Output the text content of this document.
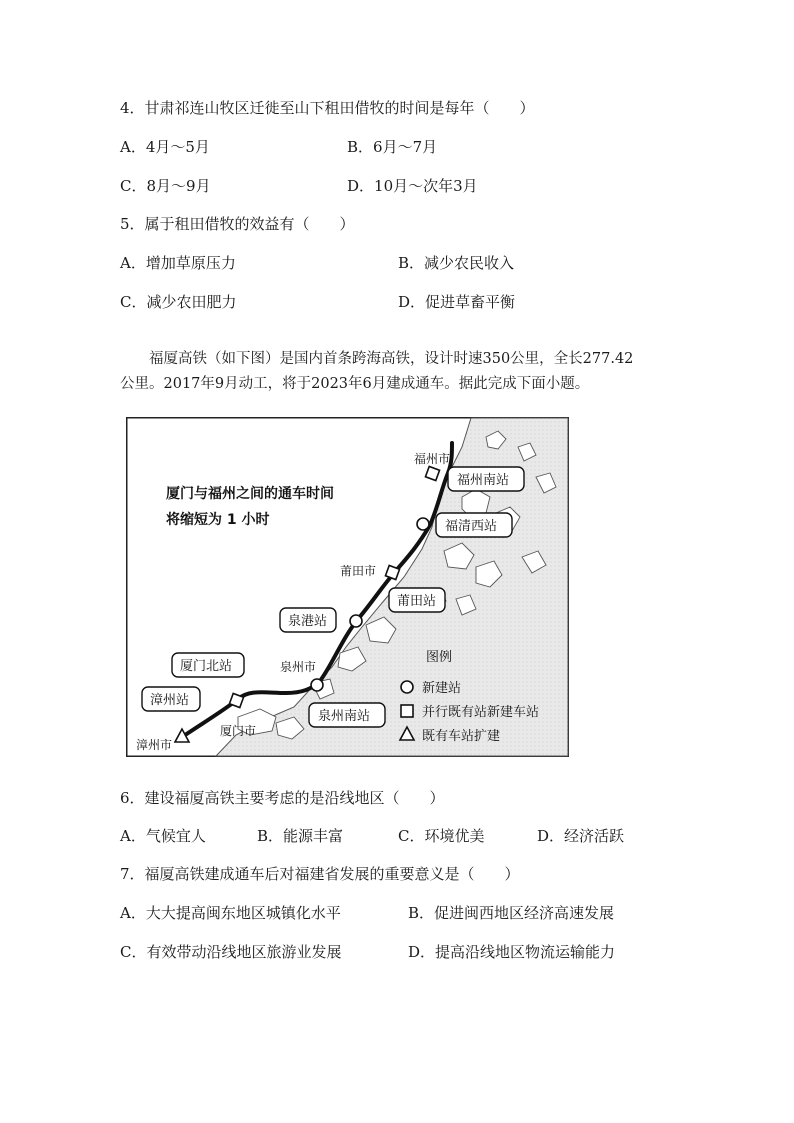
4．甘肃祁连山牧区迁徙至山下租田借牧的时间是每年（　　）
A．4月～5月	B．6月～7月
C．8月～9月	D．10月～次年3月
5．属于租田借牧的效益有（　　）
A．增加草原压力	B．减少农民收入
C．减少农田肥力	D．促进草畜平衡
　　福厦高铁（如下图）是国内首条跨海高铁，设计时速350公里，全长277.42
公里。2017年9月动工，将于2023年6月建成通车。据此完成下面小题。
厦门与福州之间的通车时间
将缩短为 1 小时
福州市
莆田市
泉州市
厦门市
漳州市
福州南站
福清西站
莆田站
泉港站
泉州南站
厦门北站
漳州站
图例
新建站
并行既有站新建车站
既有车站扩建
6．建设福厦高铁主要考虑的是沿线地区（　　）
A．气候宜人	B．能源丰富	C．环境优美	D．经济活跃
7．福厦高铁建成通车后对福建省发展的重要意义是（　　）
A．大大提高闽东地区城镇化水平	B．促进闽西地区经济高速发展
C．有效带动沿线地区旅游业发展	D．提高沿线地区物流运输能力
